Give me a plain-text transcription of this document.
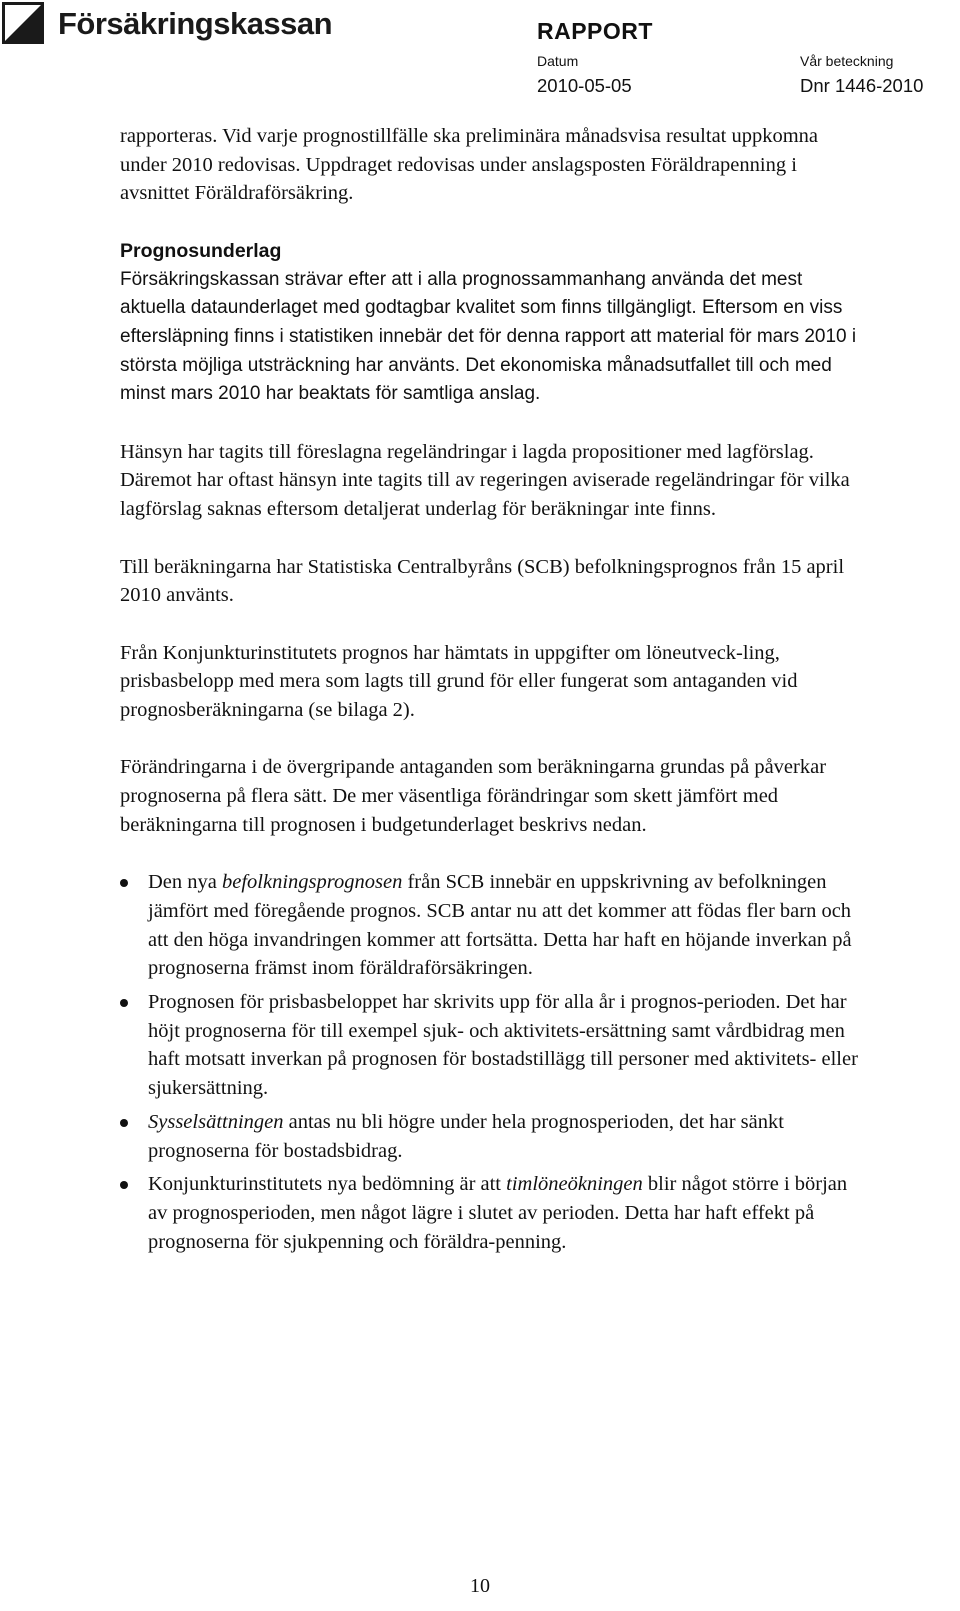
Försäkringskassan	RAPPORT
Datum	Vår beteckning
2010-05-05	Dnr 1446-2010

rapporteras. Vid varje prognostillfälle ska preliminära månadsvisa resultat uppkomna under 2010 redovisas. Uppdraget redovisas under anslagsposten Föräldrapenning i avsnittet Föräldraförsäkring.

Prognosunderlag

Försäkringskassan strävar efter att i alla prognossammanhang använda det mest aktuella dataunderlaget med godtagbar kvalitet som finns tillgängligt. Eftersom en viss eftersläpning finns i statistiken innebär det för denna rapport att material för mars 2010 i största möjliga utsträckning har använts. Det ekonomiska månadsutfallet till och med minst mars 2010 har beaktats för samtliga anslag.

Hänsyn har tagits till föreslagna regeländringar i lagda propositioner med lagförslag. Däremot har oftast hänsyn inte tagits till av regeringen aviserade regeländringar för vilka lagförslag saknas eftersom detaljerat underlag för beräkningar inte finns.

Till beräkningarna har Statistiska Centralbyråns (SCB) befolkningsprognos från 15 april 2010 använts.

Från Konjunkturinstitutets prognos har hämtats in uppgifter om löneutveck-ling, prisbasbelopp med mera som lagts till grund för eller fungerat som antaganden vid prognosberäkningarna (se bilaga 2).

Förändringarna i de övergripande antaganden som beräkningarna grundas på påverkar prognoserna på flera sätt. De mer väsentliga förändringar som skett jämfört med beräkningarna till prognosen i budgetunderlaget beskrivs nedan.

Den nya befolkningsprognosen från SCB innebär en uppskrivning av befolkningen jämfört med föregående prognos. SCB antar nu att det kommer att födas fler barn och att den höga invandringen kommer att fortsätta. Detta har haft en höjande inverkan på prognoserna främst inom föräldraförsäkringen.
Prognosen för prisbasbeloppet har skrivits upp för alla år i prognos-perioden. Det har höjt prognoserna för till exempel sjuk- och aktivitets-ersättning samt vårdbidrag men haft motsatt inverkan på prognosen för bostadstillägg till personer med aktivitets- eller sjukersättning.
Sysselsättningen antas nu bli högre under hela prognosperioden, det har sänkt prognoserna för bostadsbidrag.
Konjunkturinstitutets nya bedömning är att timlöneökningen blir något större i början av prognosperioden, men något lägre i slutet av perioden. Detta har haft effekt på prognoserna för sjukpenning och föräldra-penning.
10
